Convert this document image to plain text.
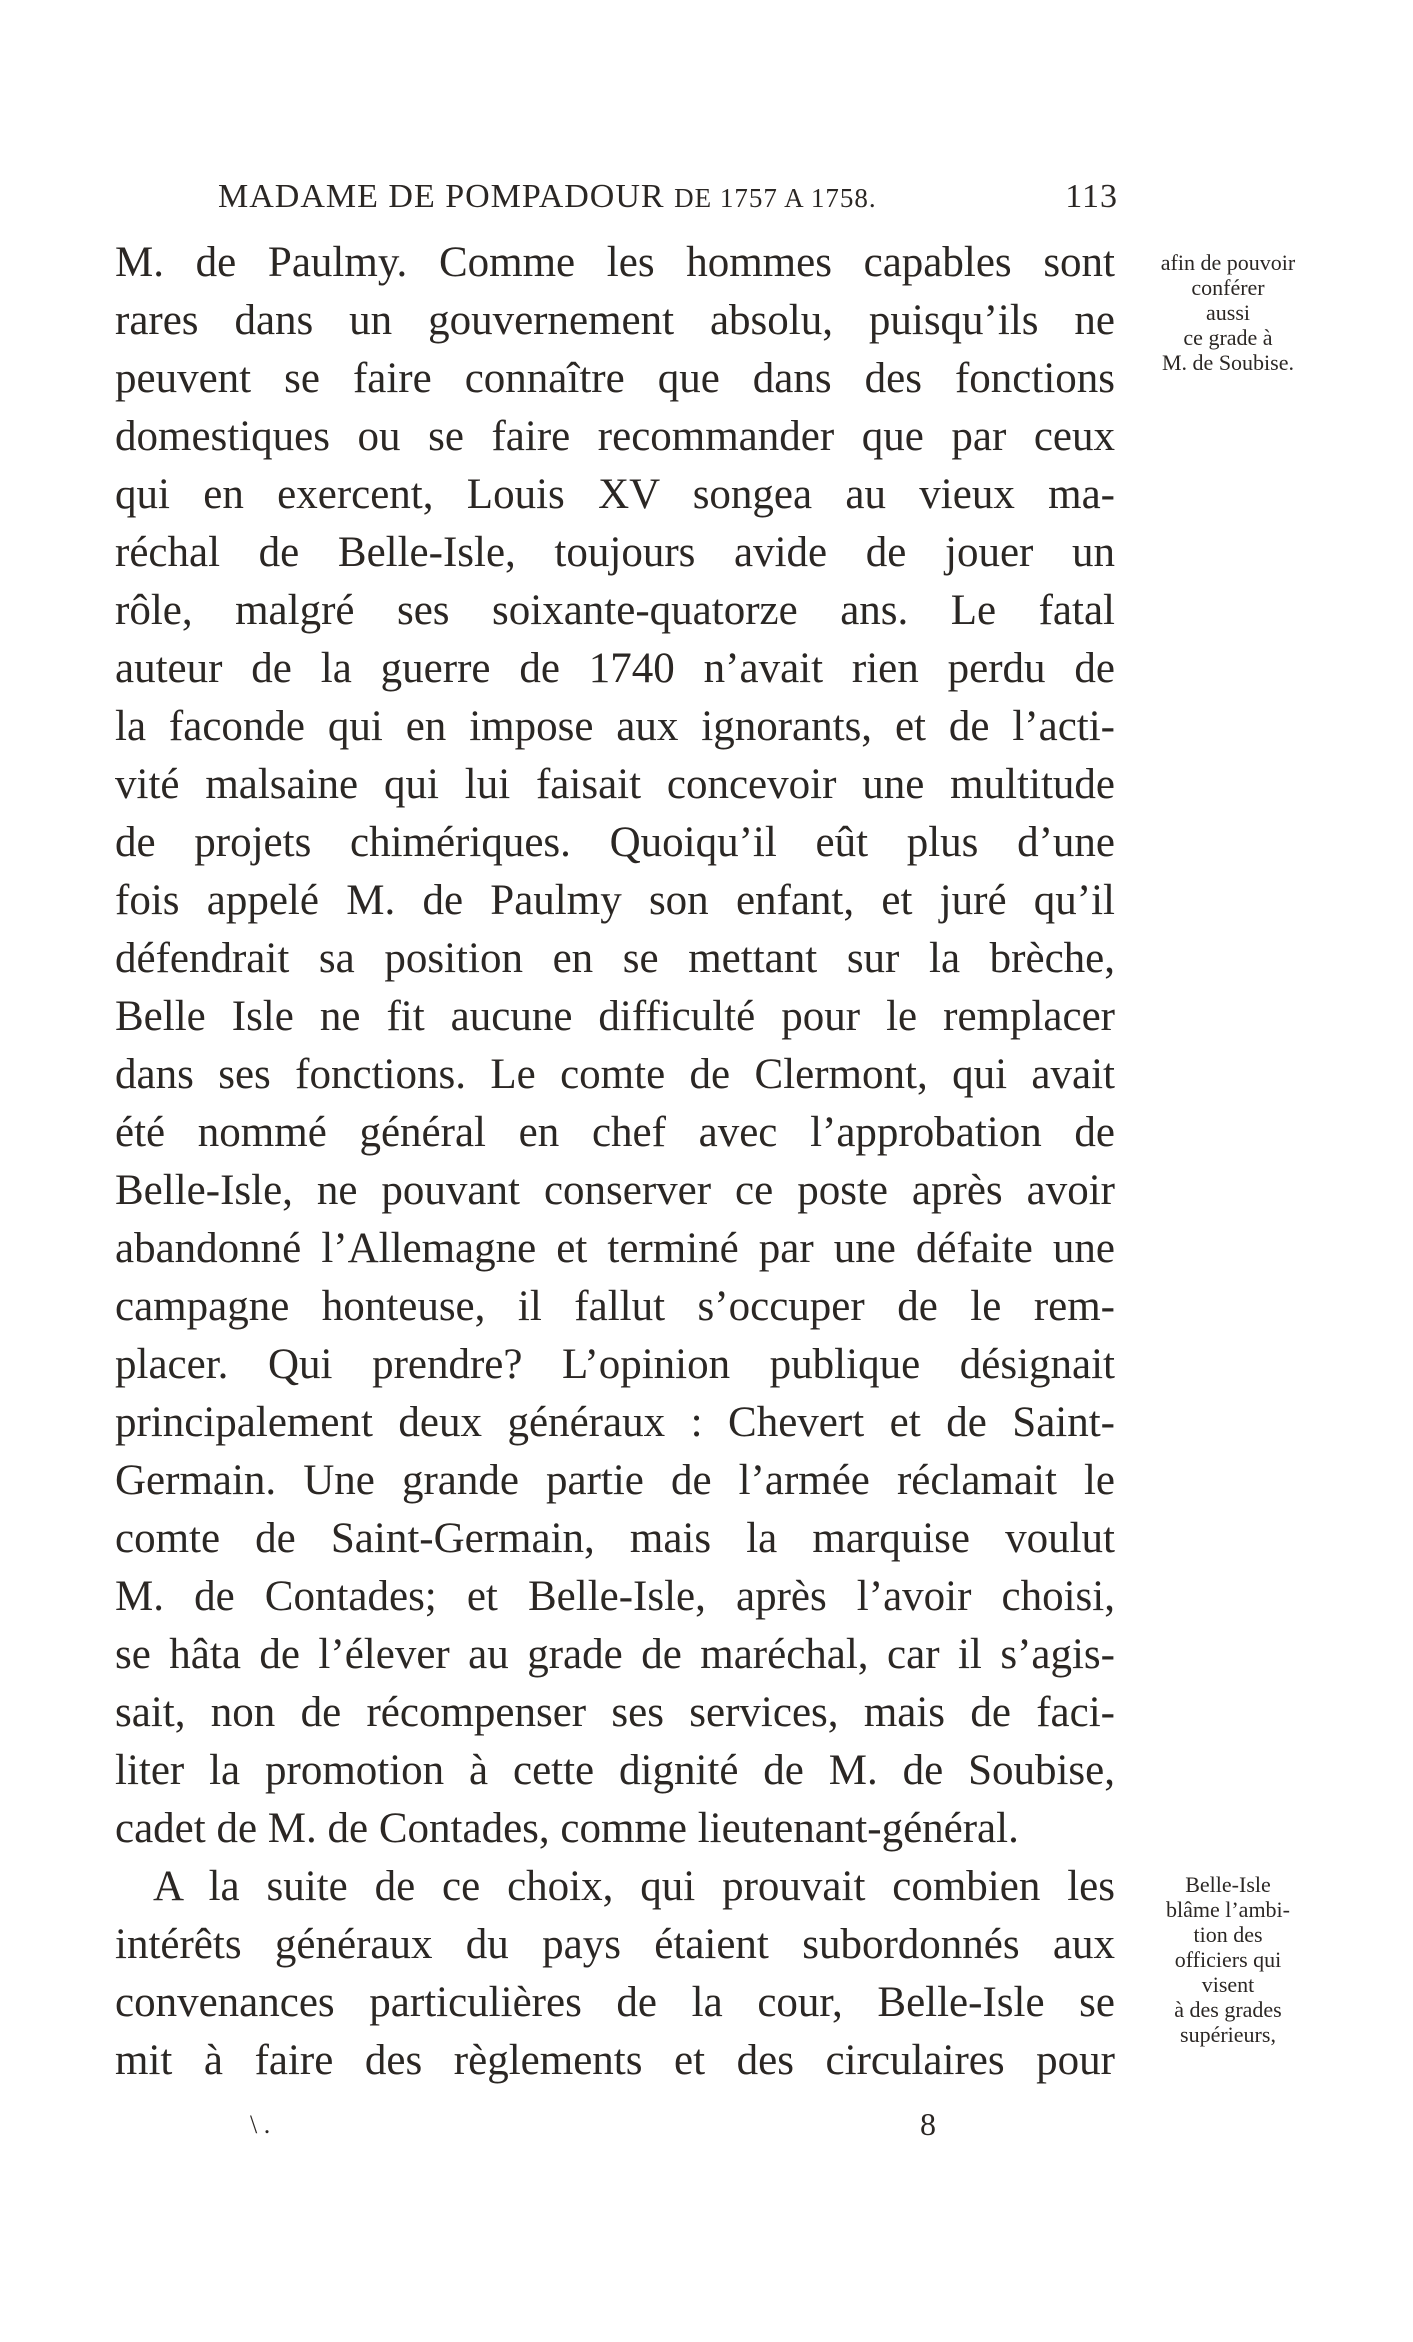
MADAME DE POMPADOUR DE 1757 A 1758.	113
M. de Paulmy. Comme les hommes capables sont
rares dans un gouvernement absolu, puisqu’ils ne
peuvent se faire connaître que dans des fonctions
domestiques ou se faire recommander que par ceux
qui en exercent, Louis XV songea au vieux ma-
réchal de Belle-Isle, toujours avide de jouer un
rôle, malgré ses soixante-quatorze ans. Le fatal
auteur de la guerre de 1740 n’avait rien perdu de
la faconde qui en impose aux ignorants, et de l’acti-
vité malsaine qui lui faisait concevoir une multitude
de projets chimériques. Quoiqu’il eût plus d’une
fois appelé M. de Paulmy son enfant, et juré qu’il
défendrait sa position en se mettant sur la brèche,
Belle Isle ne fit aucune difficulté pour le remplacer
dans ses fonctions. Le comte de Clermont, qui avait
été nommé général en chef avec l’approbation de
Belle-Isle, ne pouvant conserver ce poste après avoir
abandonné l’Allemagne et terminé par une défaite une
campagne honteuse, il fallut s’occuper de le rem-
placer. Qui prendre? L’opinion publique désignait
principalement deux généraux : Chevert et de Saint-
Germain. Une grande partie de l’armée réclamait le
comte de Saint-Germain, mais la marquise voulut
M. de Contades; et Belle-Isle, après l’avoir choisi,
se hâta de l’élever au grade de maréchal, car il s’agis-
sait, non de récompenser ses services, mais de faci-
liter la promotion à cette dignité de M. de Soubise,
cadet de M. de Contades, comme lieutenant-général.
A la suite de ce choix, qui prouvait combien les
intérêts généraux du pays étaient subordonnés aux
convenances particulières de la cour, Belle-Isle se
mit à faire des règlements et des circulaires pour
afin de pouvoir
conférer
aussi
ce grade à
M. de Soubise.
Belle-Isle
blâme l’ambi-
tion des
officiers qui
visent
à des grades
supérieurs,
\ .	8
